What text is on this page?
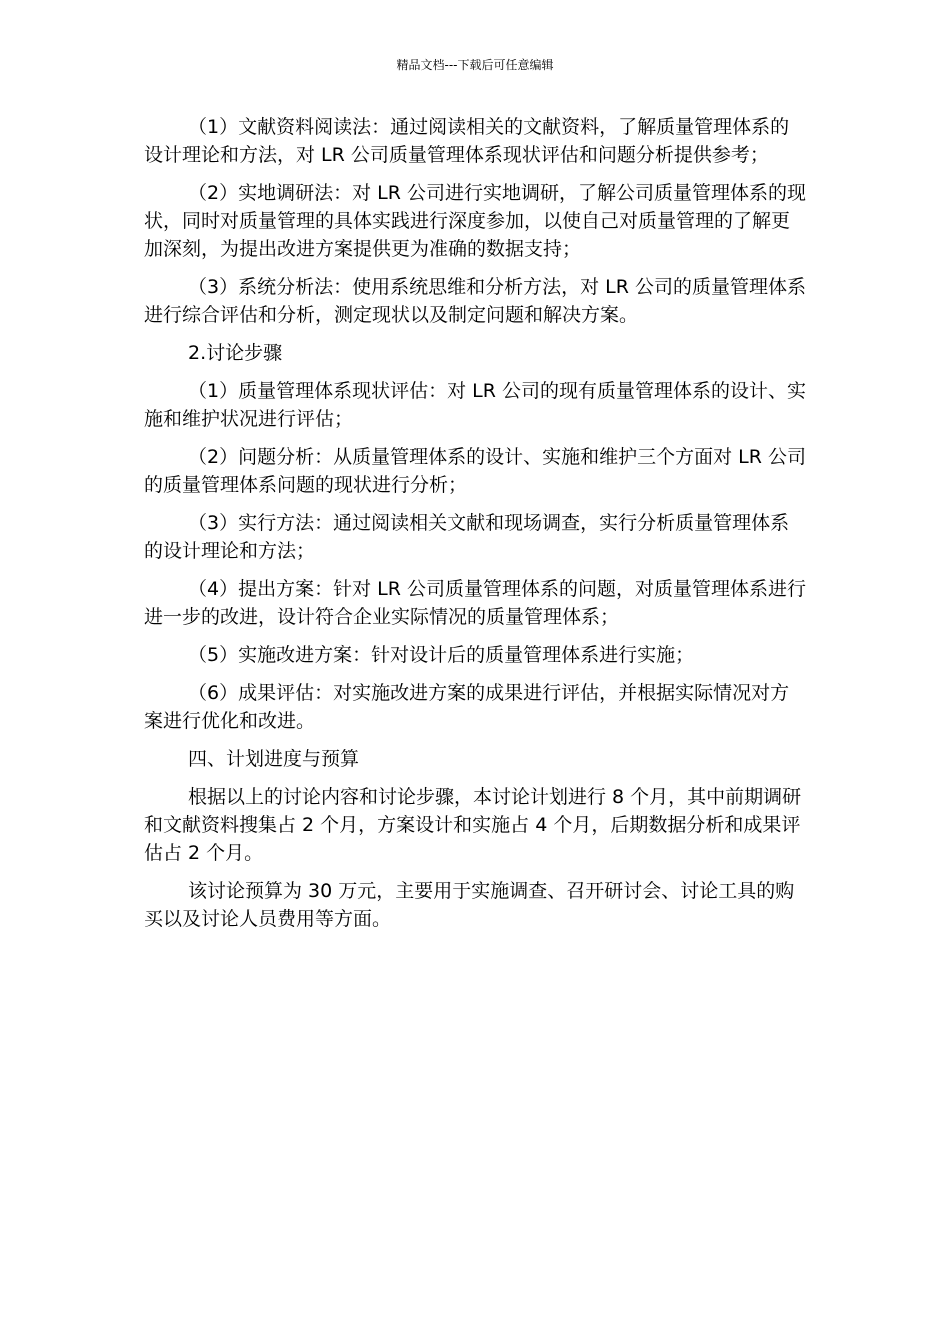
精品文档---下载后可任意编辑

（1）文献资料阅读法：通过阅读相关的文献资料，了解质量管理体系的设计理论和方法，对 LR 公司质量管理体系现状评估和问题分析提供参考；

（2）实地调研法：对 LR 公司进行实地调研，了解公司质量管理体系的现状，同时对质量管理的具体实践进行深度参加，以使自己对质量管理的了解更加深刻，为提出改进方案提供更为准确的数据支持；

（3）系统分析法：使用系统思维和分析方法，对 LR 公司的质量管理体系进行综合评估和分析，测定现状以及制定问题和解决方案。

2.讨论步骤

（1）质量管理体系现状评估：对 LR 公司的现有质量管理体系的设计、实施和维护状况进行评估；

（2）问题分析：从质量管理体系的设计、实施和维护三个方面对 LR 公司的质量管理体系问题的现状进行分析；

（3）实行方法：通过阅读相关文献和现场调查，实行分析质量管理体系的设计理论和方法；

（4）提出方案：针对 LR 公司质量管理体系的问题，对质量管理体系进行进一步的改进，设计符合企业实际情况的质量管理体系；

（5）实施改进方案：针对设计后的质量管理体系进行实施；

（6）成果评估：对实施改进方案的成果进行评估，并根据实际情况对方案进行优化和改进。

四、计划进度与预算

根据以上的讨论内容和讨论步骤，本讨论计划进行 8 个月，其中前期调研和文献资料搜集占 2 个月，方案设计和实施占 4 个月，后期数据分析和成果评估占 2 个月。

该讨论预算为 30 万元，主要用于实施调查、召开研讨会、讨论工具的购买以及讨论人员费用等方面。
